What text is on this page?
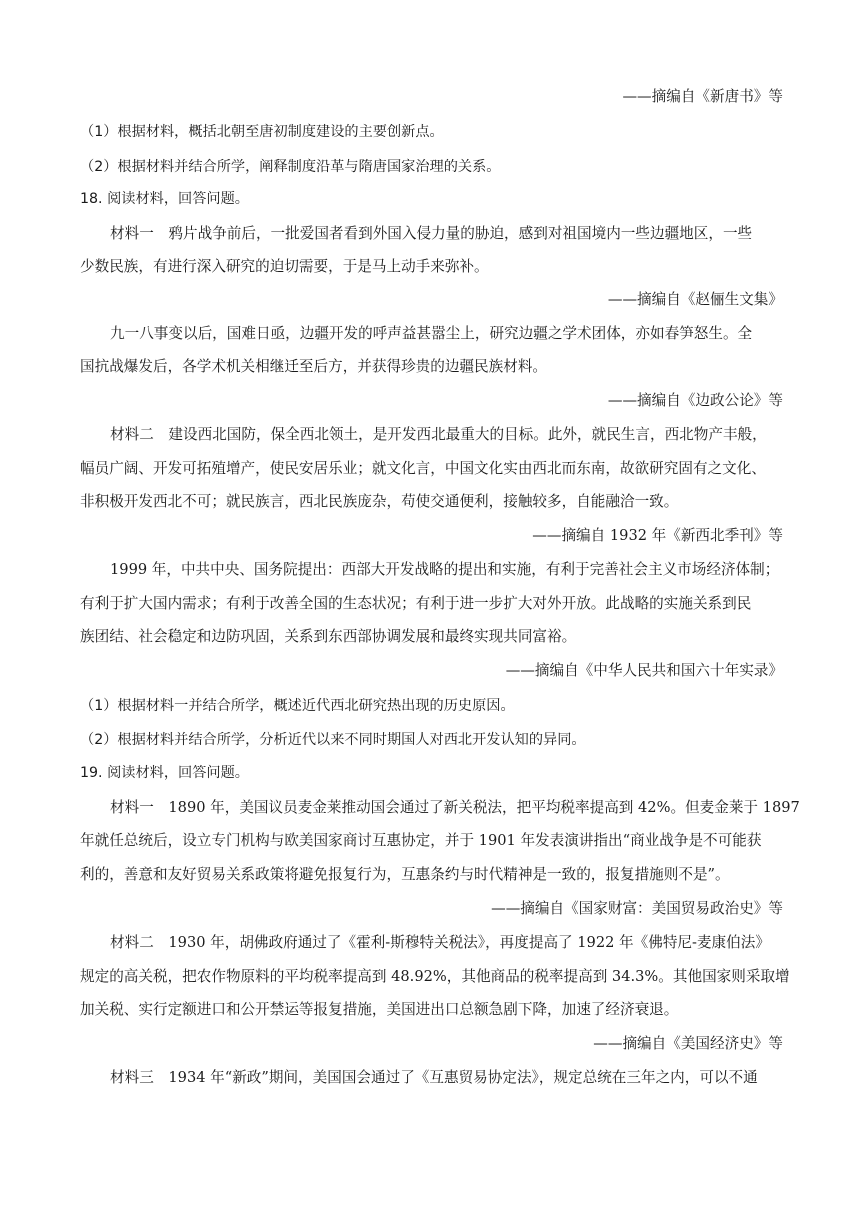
——摘编自《新唐书》等
（1）根据材料，概括北朝至唐初制度建设的主要创新点。
（2）根据材料并结合所学，阐释制度沿革与隋唐国家治理的关系。
18. 阅读材料，回答问题。
材料一　鸦片战争前后，一批爱国者看到外国入侵力量的胁迫，感到对祖国境内一些边疆地区，一些
少数民族，有进行深入研究的迫切需要，于是马上动手来弥补。
——摘编自《赵俪生文集》
九一八事变以后，国难日亟，边疆开发的呼声益甚嚣尘上，研究边疆之学术团体，亦如春笋怒生。全
国抗战爆发后，各学术机关相继迁至后方，并获得珍贵的边疆民族材料。
——摘编自《边政公论》等
材料二　建设西北国防，保全西北领土，是开发西北最重大的目标。此外，就民生言，西北物产丰般，
幅员广阔、开发可拓殖增产，使民安居乐业；就文化言，中国文化实由西北而东南，故欲研究固有之文化、
非积极开发西北不可；就民族言，西北民族庞杂，苟使交通便利，接触较多，自能融洽一致。
——摘编自 1932 年《新西北季刊》等
1999 年，中共中央、国务院提出：西部大开发战略的提出和实施，有利于完善社会主义市场经济体制；
有利于扩大国内需求；有利于改善全国的生态状况；有利于进一步扩大对外开放。此战略的实施关系到民
族团结、社会稳定和边防巩固，关系到东西部协调发展和最终实现共同富裕。
——摘编自《中华人民共和国六十年实录》
（1）根据材料一并结合所学，概述近代西北研究热出现的历史原因。
（2）根据材料并结合所学，分析近代以来不同时期国人对西北开发认知的异同。
19. 阅读材料，回答问题。
材料一　1890 年，美国议员麦金莱推动国会通过了新关税法，把平均税率提高到 42%。但麦金莱于 1897
年就任总统后，设立专门机构与欧美国家商讨互惠协定，并于 1901 年发表演讲指出“商业战争是不可能获
利的，善意和友好贸易关系政策将避免报复行为，互惠条约与时代精神是一致的，报复措施则不是”。
——摘编自《国家财富：美国贸易政治史》等
材料二　1930 年，胡佛政府通过了《霍利-斯穆特关税法》，再度提高了 1922 年《佛特尼-麦康伯法》
规定的高关税，把农作物原料的平均税率提高到 48.92%，其他商品的税率提高到 34.3%。其他国家则采取增
加关税、实行定额进口和公开禁运等报复措施，美国进出口总额急剧下降，加速了经济衰退。
——摘编自《美国经济史》等
材料三　1934 年“新政”期间，美国国会通过了《互惠贸易协定法》，规定总统在三年之内，可以不通
